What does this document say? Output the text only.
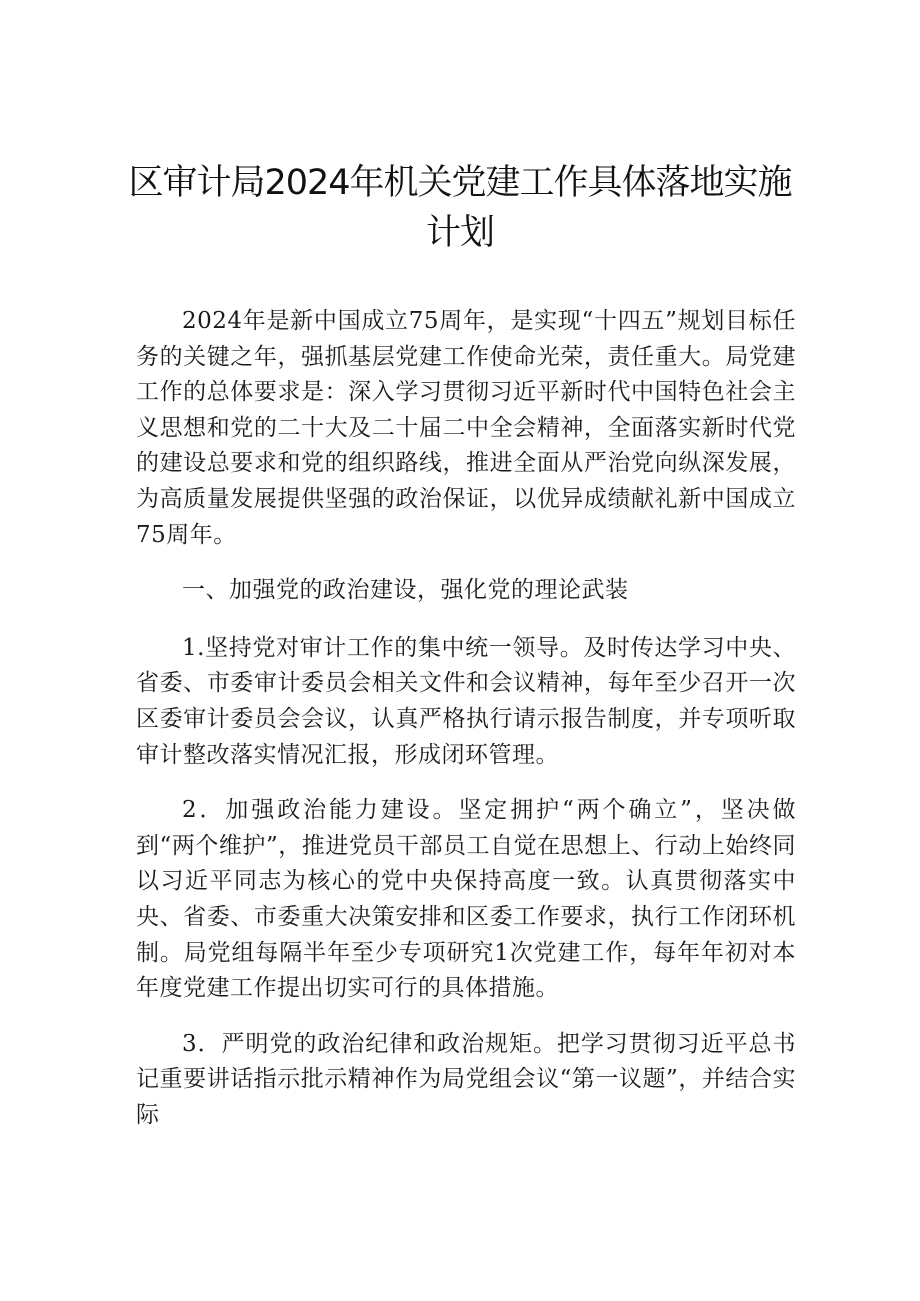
区审计局2024年机关党建工作具体落地实施计划

2024年是新中国成立75周年，是实现“十四五”规划目标任务的关键之年，强抓基层党建工作使命光荣，责任重大。局党建工作的总体要求是：深入学习贯彻习近平新时代中国特色社会主义思想和党的二十大及二十届二中全会精神，全面落实新时代党的建设总要求和党的组织路线，推进全面从严治党向纵深发展，为高质量发展提供坚强的政治保证，以优异成绩献礼新中国成立75周年。

一、加强党的政治建设，强化党的理论武装

1.坚持党对审计工作的集中统一领导。及时传达学习中央、省委、市委审计委员会相关文件和会议精神，每年至少召开一次区委审计委员会会议，认真严格执行请示报告制度，并专项听取审计整改落实情况汇报，形成闭环管理。

2．加强政治能力建设。坚定拥护“两个确立”，坚决做到“两个维护”，推进党员干部员工自觉在思想上、行动上始终同以习近平同志为核心的党中央保持高度一致。认真贯彻落实中央、省委、市委重大决策安排和区委工作要求，执行工作闭环机制。局党组每隔半年至少专项研究1次党建工作，每年年初对本年度党建工作提出切实可行的具体措施。

3．严明党的政治纪律和政治规矩。把学习贯彻习近平总书记重要讲话指示批示精神作为局党组会议“第一议题”，并结合实际
